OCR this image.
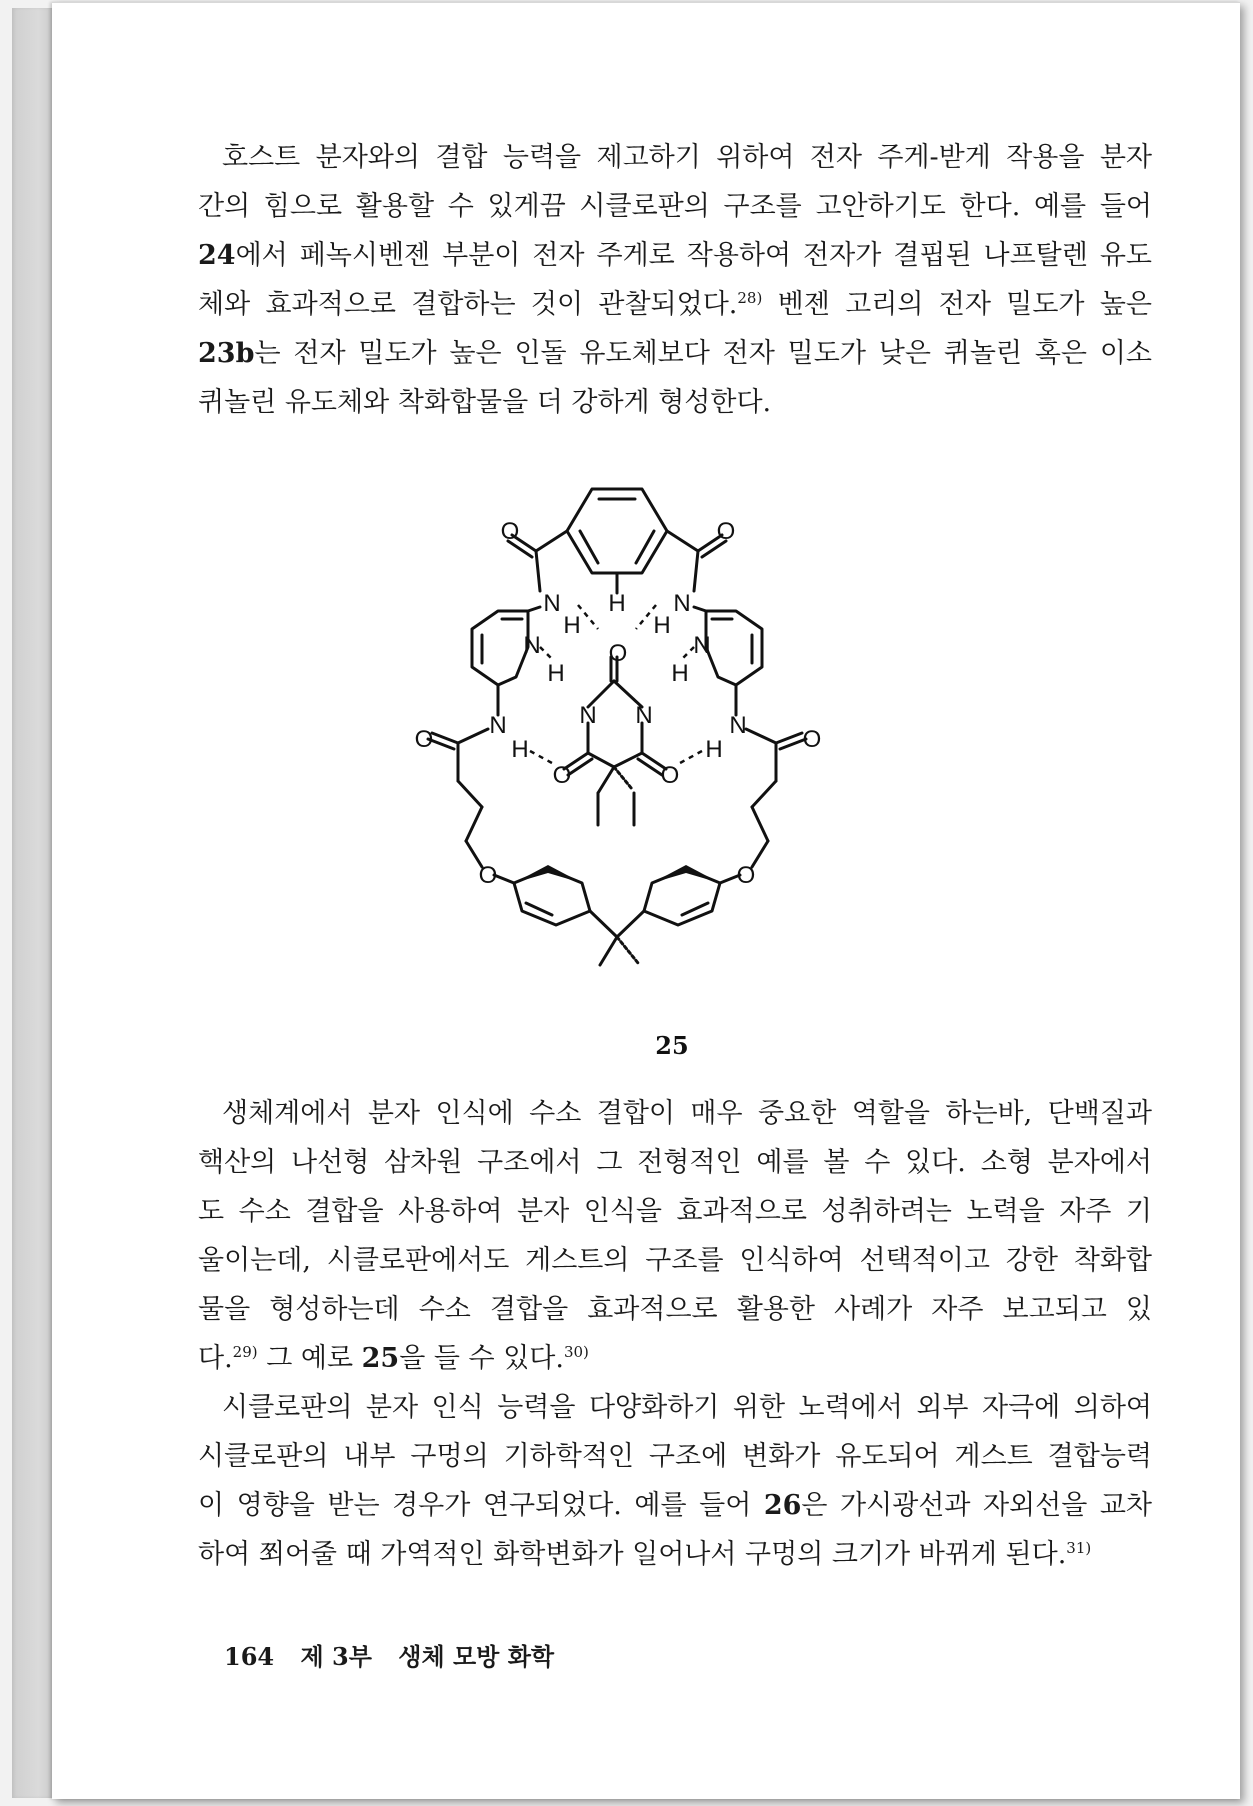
호스트 분자와의 결합 능력을 제고하기 위하여 전자 주게-받게 작용을 분자
간의 힘으로 활용할 수 있게끔 시클로판의 구조를 고안하기도 한다. 예를 들어
24에서 페녹시벤젠 부분이 전자 주게로 작용하여 전자가 결핍된 나프탈렌 유도
체와 효과적으로 결합하는 것이 관찰되었다.$^{28)}$ 벤젠 고리의 전자 밀도가 높은
23b는 전자 밀도가 높은 인돌 유도체보다 전자 밀도가 낮은 퀴놀린 혹은 이소
퀴놀린 유도체와 착화합물을 더 강하게 형성한다.
O	O
N	N
H
H	H
O
N	N
H	H
N N
N	N
O	O
H	H
O	O
O	O
25
생체계에서 분자 인식에 수소 결합이 매우 중요한 역할을 하는바, 단백질과
핵산의 나선형 삼차원 구조에서 그 전형적인 예를 볼 수 있다. 소형 분자에서
도 수소 결합을 사용하여 분자 인식을 효과적으로 성취하려는 노력을 자주 기
울이는데, 시클로판에서도 게스트의 구조를 인식하여 선택적이고 강한 착화합
물을 형성하는데 수소 결합을 효과적으로 활용한 사례가 자주 보고되고 있
다.$^{29)}$ 그 예로 25을 들 수 있다.$^{30)}$
시클로판의 분자 인식 능력을 다양화하기 위한 노력에서 외부 자극에 의하여
시클로판의 내부 구멍의 기하학적인 구조에 변화가 유도되어 게스트 결합능력
이 영향을 받는 경우가 연구되었다. 예를 들어 26은 가시광선과 자외선을 교차
하여 쬐어줄 때 가역적인 화학변화가 일어나서 구멍의 크기가 바뀌게 된다.$^{31)}$
164 제 3부 생체 모방 화학
